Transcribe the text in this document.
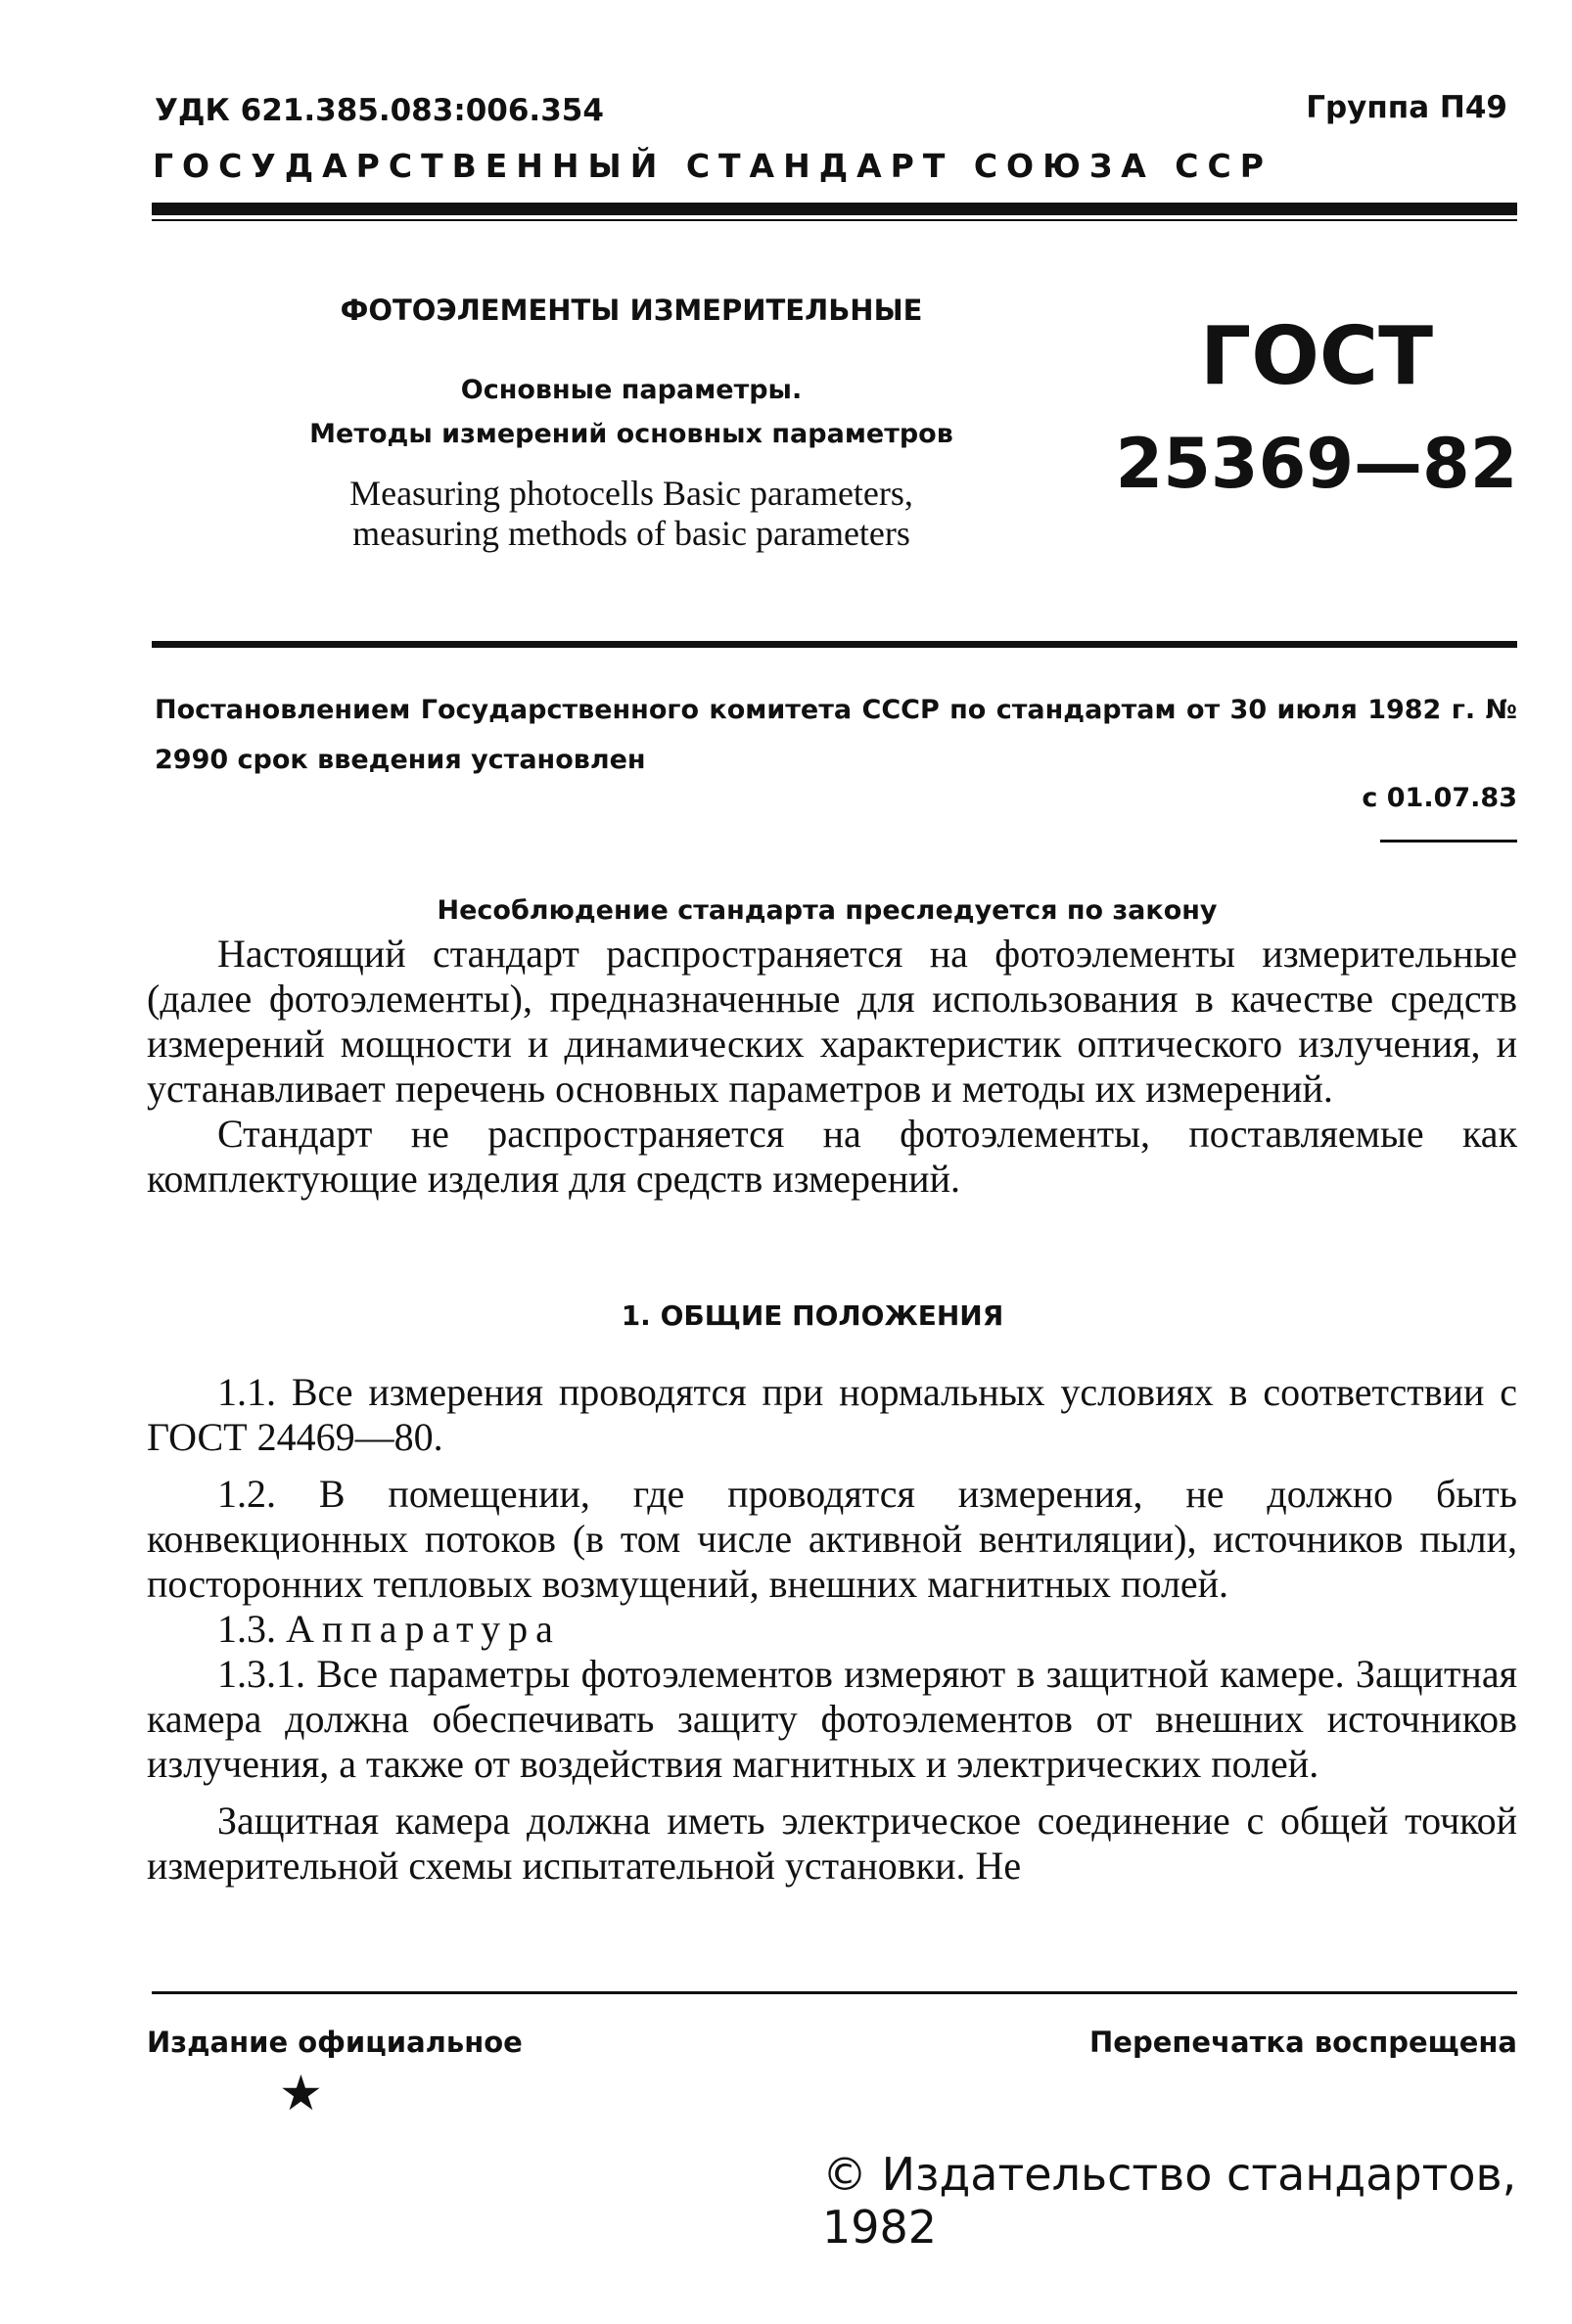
УДК 621.385.083:006.354	Группа П49
ГОСУДАРСТВЕННЫЙ СТАНДАРТ СОЮЗА ССР
ФОТОЭЛЕМЕНТЫ ИЗМЕРИТЕЛЬНЫЕ
Основные параметры.
Методы измерений основных параметров
Measuring photocells Basic parameters,
measuring methods of basic parameters
ГОСТ
25369—82
Постановлением Государственного комитета СССР по стандартам от 30 июля 1982 г. № 2990 срок введения установлен
с 01.07.83
Несоблюдение стандарта преследуется по закону

Настоящий стандарт распространяется на фотоэлементы измерительные (далее фотоэлементы), предназначенные для использования в качестве средств измерений мощности и динамических характеристик оптического излучения, и устанавливает перечень основных параметров и методы их измерений.

Стандарт не распространяется на фотоэлементы, поставляемые как комплектующие изделия для средств измерений.

1. ОБЩИЕ ПОЛОЖЕНИЯ

1.1. Все измерения проводятся при нормальных условиях в соответствии с ГОСТ 24469—80.

1.2. В помещении, где проводятся измерения, не должно быть конвекционных потоков (в том числе активной вентиляции), источников пыли, посторонних тепловых возмущений, внешних магнитных полей.

1.3. Аппаратура

1.3.1. Все параметры фотоэлементов измеряют в защитной камере. Защитная камера должна обеспечивать защиту фотоэлементов от внешних источников излучения, а также от воздействия магнитных и электрических полей.

Защитная камера должна иметь электрическое соединение с общей точкой измерительной схемы испытательной установки. Не

Издание официальное	Перепечатка воспрещена
★
© Издательство стандартов, 1982
